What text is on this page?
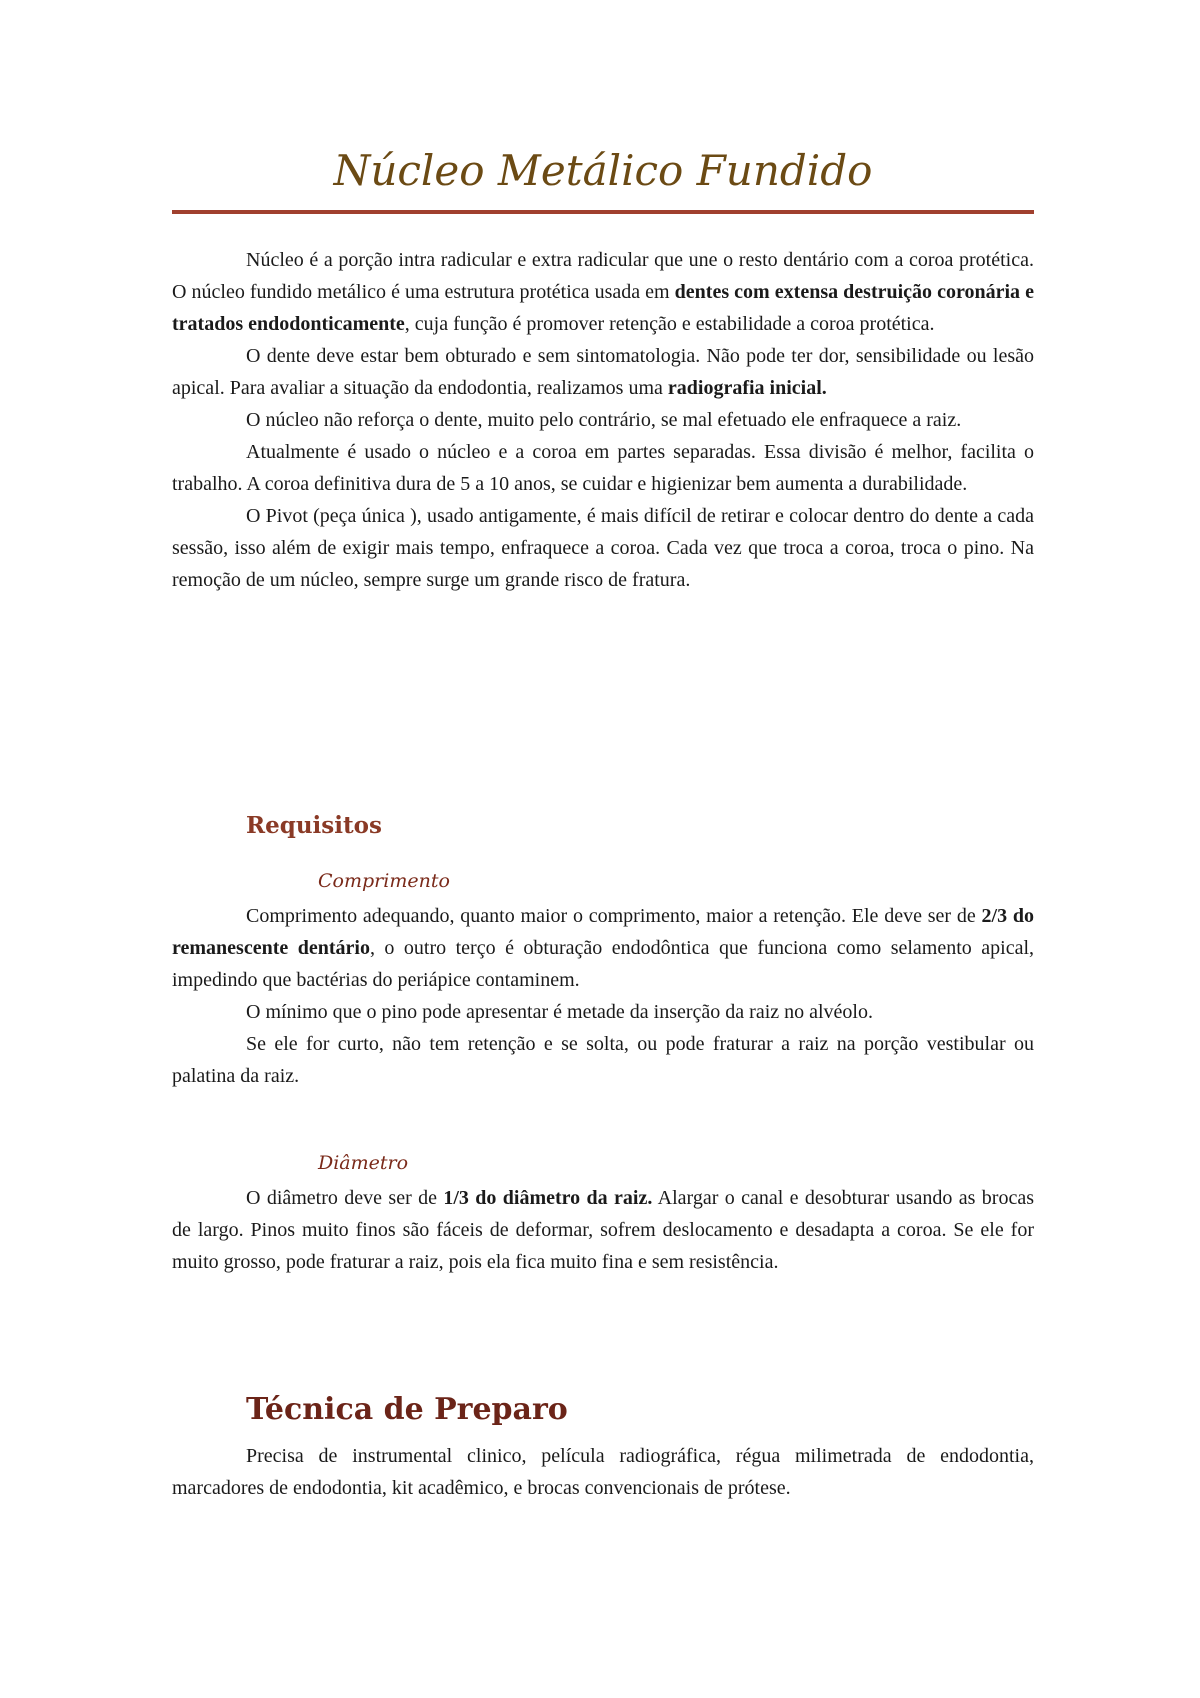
Núcleo Metálico Fundido

Núcleo é a porção intra radicular e extra radicular que une o resto dentário com a coroa protética. O núcleo fundido metálico é uma estrutura protética usada em dentes com extensa destruição coronária e tratados endodonticamente, cuja função é promover retenção e estabilidade a coroa protética.

O dente deve estar bem obturado e sem sintomatologia. Não pode ter dor, sensibilidade ou lesão apical. Para avaliar a situação da endodontia, realizamos uma radiografia inicial.

O núcleo não reforça o dente, muito pelo contrário, se mal efetuado ele enfraquece a raiz.

Atualmente é usado o núcleo e a coroa em partes separadas. Essa divisão é melhor, facilita o trabalho. A coroa definitiva dura de 5 a 10 anos, se cuidar e higienizar bem aumenta a durabilidade.

O Pivot (peça única ), usado antigamente, é mais difícil de retirar e colocar dentro do dente a cada sessão, isso além de exigir mais tempo, enfraquece a coroa. Cada vez que troca a coroa, troca o pino. Na remoção de um núcleo, sempre surge um grande risco de fratura.

Requisitos
Comprimento

Comprimento adequando, quanto maior o comprimento, maior a retenção. Ele deve ser de 2/3 do remanescente dentário, o outro terço é obturação endodôntica que funciona como selamento apical, impedindo que bactérias do periápice contaminem.

O mínimo que o pino pode apresentar é metade da inserção da raiz no alvéolo.

Se ele for curto, não tem retenção e se solta, ou pode fraturar a raiz na porção vestibular ou palatina da raiz.

Diâmetro

O diâmetro deve ser de 1/3 do diâmetro da raiz. Alargar o canal e desobturar usando as brocas de largo. Pinos muito finos são fáceis de deformar, sofrem deslocamento e desadapta a coroa. Se ele for muito grosso, pode fraturar a raiz, pois ela fica muito fina e sem resistência.

Técnica de Preparo

Precisa de instrumental clinico, película radiográfica, régua milimetrada de endodontia, marcadores de endodontia, kit acadêmico, e brocas convencionais de prótese.
